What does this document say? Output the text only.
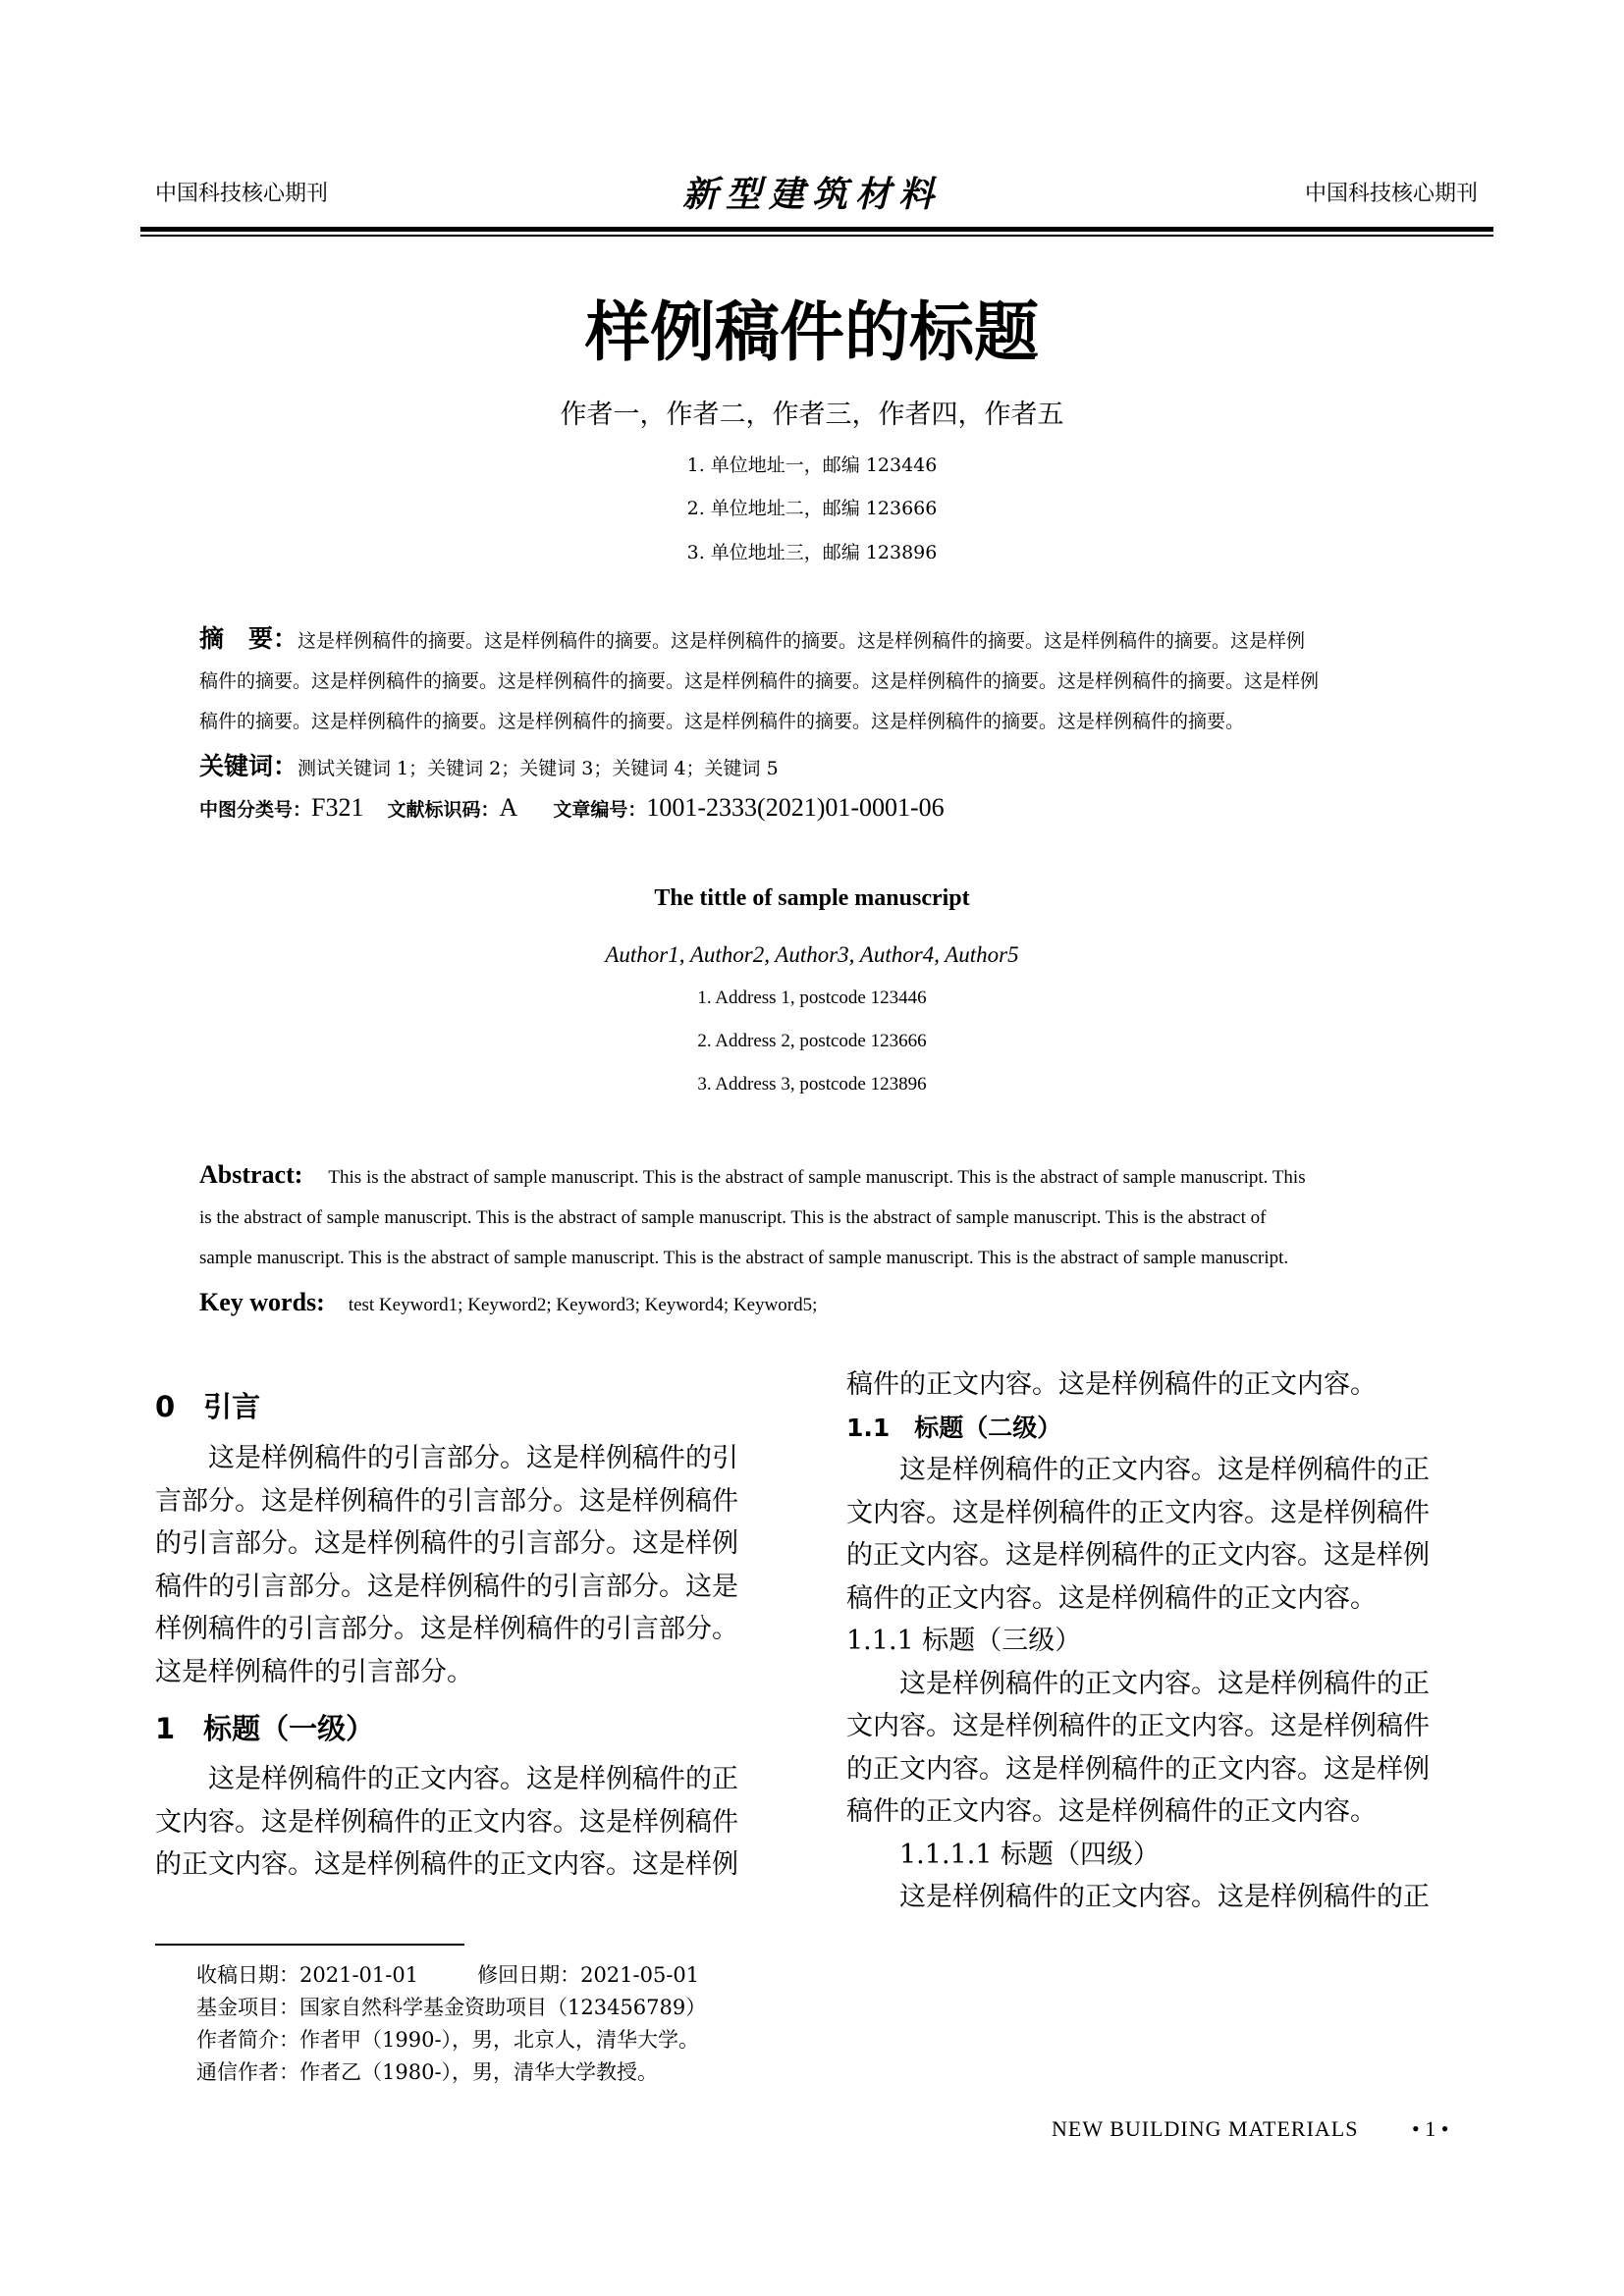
中国科技核心期刊	新型建筑材料	中国科技核心期刊
样例稿件的标题
作者一，作者二，作者三，作者四，作者五
1. 单位地址一，邮编 123446
2. 单位地址二，邮编 123666
3. 单位地址三，邮编 123896
摘　要：这是样例稿件的摘要。这是样例稿件的摘要。这是样例稿件的摘要。这是样例稿件的摘要。这是样例稿件的摘要。这是样例
稿件的摘要。这是样例稿件的摘要。这是样例稿件的摘要。这是样例稿件的摘要。这是样例稿件的摘要。这是样例稿件的摘要。这是样例
稿件的摘要。这是样例稿件的摘要。这是样例稿件的摘要。这是样例稿件的摘要。这是样例稿件的摘要。这是样例稿件的摘要。
关键词：测试关键词 1；关键词 2；关键词 3；关键词 4；关键词 5
中图分类号：F321 文献标识码：A 文章编号：1001-2333(2021)01-0001-06
The tittle of sample manuscript
Author1, Author2, Author3, Author4, Author5
1. Address 1, postcode 123446
2. Address 2, postcode 123666
3. Address 3, postcode 123896
Abstract: This is the abstract of sample manuscript. This is the abstract of sample manuscript. This is the abstract of sample manuscript. This
is the abstract of sample manuscript. This is the abstract of sample manuscript. This is the abstract of sample manuscript. This is the abstract of
sample manuscript. This is the abstract of sample manuscript. This is the abstract of sample manuscript. This is the abstract of sample manuscript.
Key words: test Keyword1; Keyword2; Keyword3; Keyword4; Keyword5;
0　引言
　　这是样例稿件的引言部分。这是样例稿件的引
言部分。这是样例稿件的引言部分。这是样例稿件
的引言部分。这是样例稿件的引言部分。这是样例
稿件的引言部分。这是样例稿件的引言部分。这是
样例稿件的引言部分。这是样例稿件的引言部分。
这是样例稿件的引言部分。
1　标题（一级）
　　这是样例稿件的正文内容。这是样例稿件的正
文内容。这是样例稿件的正文内容。这是样例稿件
的正文内容。这是样例稿件的正文内容。这是样例
稿件的正文内容。这是样例稿件的正文内容。
1.1　标题（二级）
　　这是样例稿件的正文内容。这是样例稿件的正
文内容。这是样例稿件的正文内容。这是样例稿件
的正文内容。这是样例稿件的正文内容。这是样例
稿件的正文内容。这是样例稿件的正文内容。
1.1.1 标题（三级）
　　这是样例稿件的正文内容。这是样例稿件的正
文内容。这是样例稿件的正文内容。这是样例稿件
的正文内容。这是样例稿件的正文内容。这是样例
稿件的正文内容。这是样例稿件的正文内容。
　　1.1.1.1 标题（四级）
　　这是样例稿件的正文内容。这是样例稿件的正
收稿日期：2021-01-01	修回日期：2021-05-01
基金项目：国家自然科学基金资助项目（123456789）
作者简介：作者甲（1990-），男，北京人，清华大学。
通信作者：作者乙（1980-），男，清华大学教授。
NEW BUILDING MATERIALS • 1 •
